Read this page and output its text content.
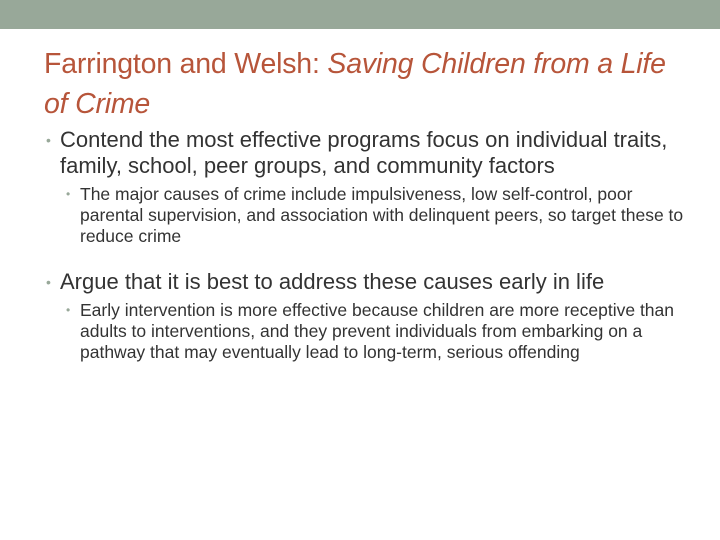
Farrington and Welsh: Saving Children from a Life of Crime
• Contend the most effective programs focus on individual traits, family, school, peer groups, and community factors
• The major causes of crime include impulsiveness, low self-control, poor parental supervision, and association with delinquent peers, so target these to reduce crime
• Argue that it is best to address these causes early in life
• Early intervention is more effective because children are more receptive than adults to interventions, and they prevent individuals from embarking on a pathway that may eventually lead to long-term, serious offending
